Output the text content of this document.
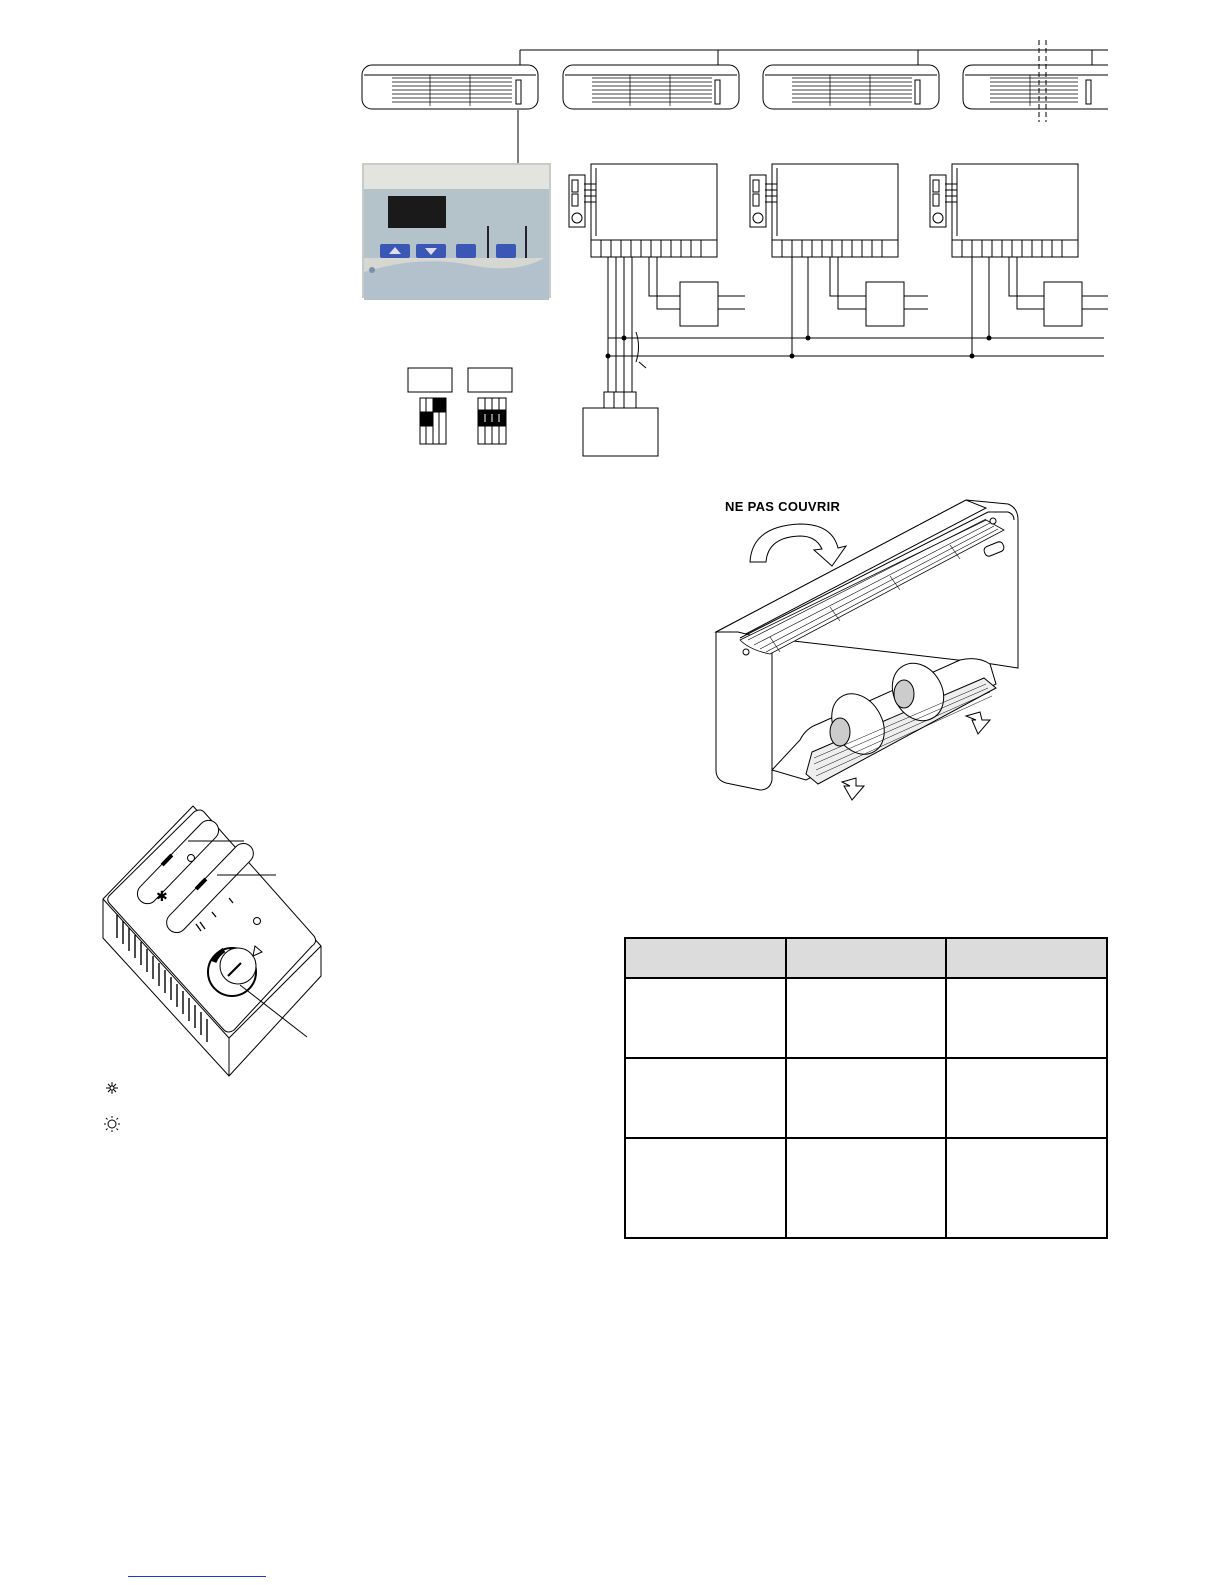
NE PAS COUVRIR
✱
